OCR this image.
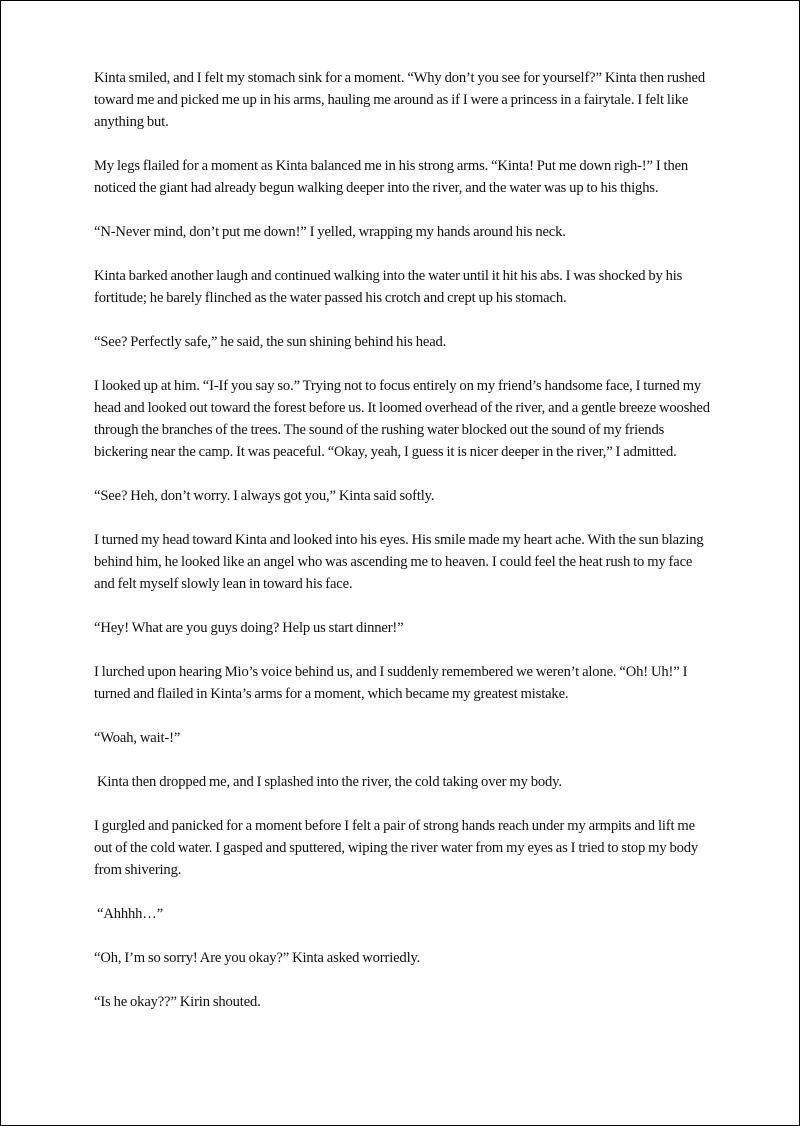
Kinta smiled, and I felt my stomach sink for a moment. “Why don’t you see for yourself?” Kinta then rushed toward me and picked me up in his arms, hauling me around as if I were a princess in a fairytale. I felt like anything but.

My legs flailed for a moment as Kinta balanced me in his strong arms. “Kinta! Put me down righ-!” I then noticed the giant had already begun walking deeper into the river, and the water was up to his thighs.

“N-Never mind, don’t put me down!” I yelled, wrapping my hands around his neck.

Kinta barked another laugh and continued walking into the water until it hit his abs. I was shocked by his fortitude; he barely flinched as the water passed his crotch and crept up his stomach.

“See? Perfectly safe,” he said, the sun shining behind his head.

I looked up at him. “I-If you say so.” Trying not to focus entirely on my friend’s handsome face, I turned my head and looked out toward the forest before us. It loomed overhead of the river, and a gentle breeze wooshed through the branches of the trees. The sound of the rushing water blocked out the sound of my friends bickering near the camp. It was peaceful. “Okay, yeah, I guess it is nicer deeper in the river,” I admitted.

“See? Heh, don’t worry. I always got you,” Kinta said softly.

I turned my head toward Kinta and looked into his eyes. His smile made my heart ache. With the sun blazing behind him, he looked like an angel who was ascending me to heaven. I could feel the heat rush to my face and felt myself slowly lean in toward his face.

“Hey! What are you guys doing? Help us start dinner!”

I lurched upon hearing Mio’s voice behind us, and I suddenly remembered we weren’t alone. “Oh! Uh!” I turned and flailed in Kinta’s arms for a moment, which became my greatest mistake.

“Woah, wait-!”

Kinta then dropped me, and I splashed into the river, the cold taking over my body.

I gurgled and panicked for a moment before I felt a pair of strong hands reach under my armpits and lift me out of the cold water. I gasped and sputtered, wiping the river water from my eyes as I tried to stop my body from shivering.

“Ahhhh…”

“Oh, I’m so sorry! Are you okay?” Kinta asked worriedly.

“Is he okay??” Kirin shouted.
